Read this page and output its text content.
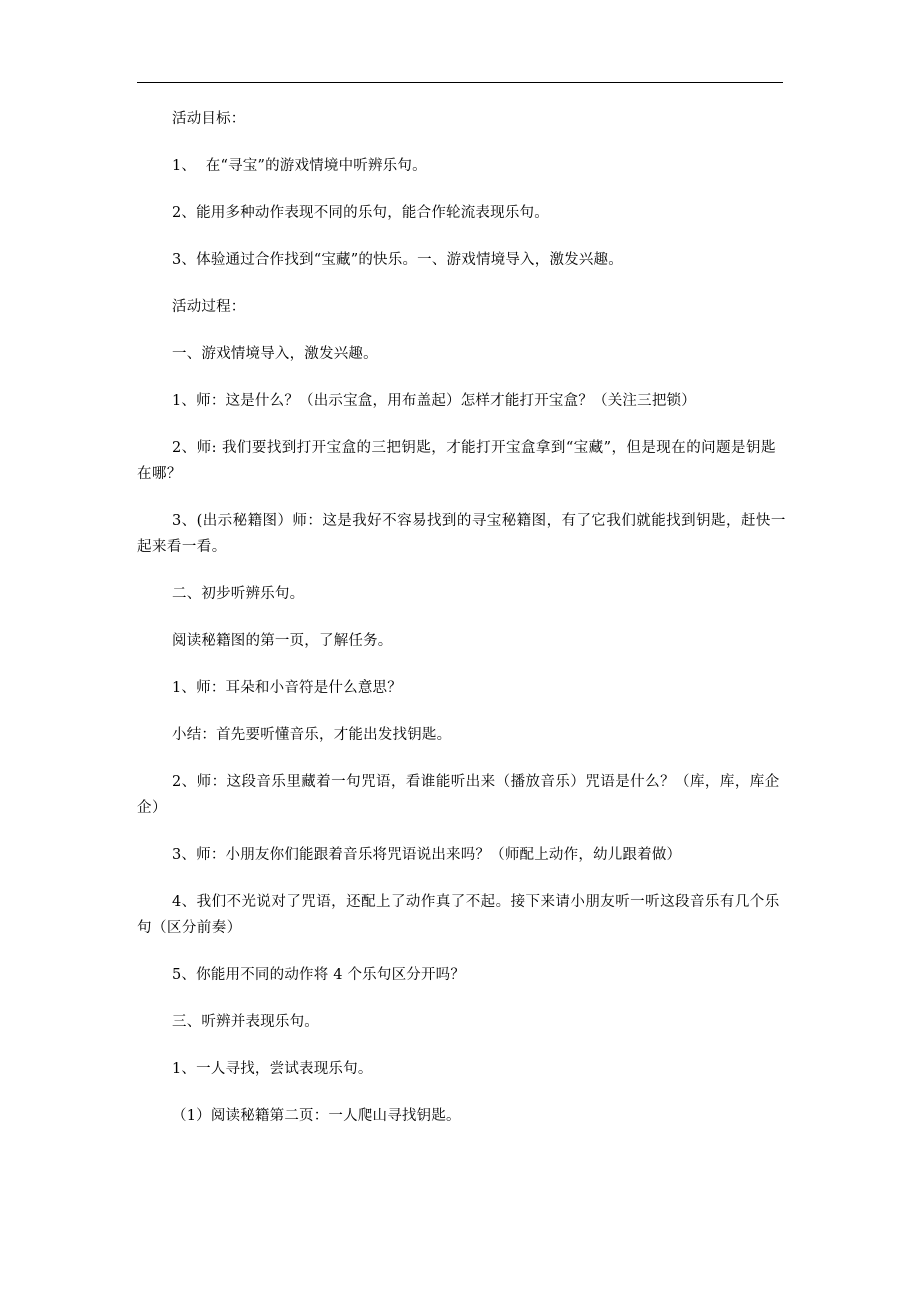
活动目标：

1、  在“寻宝”的游戏情境中听辨乐句。

2、能用多种动作表现不同的乐句，能合作轮流表现乐句。

3、体验通过合作找到“宝藏”的快乐。一、游戏情境导入，激发兴趣。

活动过程：

一、游戏情境导入，激发兴趣。

1、师：这是什么？（出示宝盒，用布盖起）怎样才能打开宝盒？（关注三把锁）

2、师: 我们要找到打开宝盒的三把钥匙，才能打开宝盒拿到“宝藏”，但是现在的问题是钥匙在哪？

3、(出示秘籍图）师：这是我好不容易找到的寻宝秘籍图，有了它我们就能找到钥匙，赶快一起来看一看。

二、初步听辨乐句。

阅读秘籍图的第一页，了解任务。

1、师：耳朵和小音符是什么意思？

小结：首先要听懂音乐，才能出发找钥匙。

2、师：这段音乐里藏着一句咒语，看谁能听出来（播放音乐）咒语是什么？（库，库，库企企）

3、师：小朋友你们能跟着音乐将咒语说出来吗？（师配上动作，幼儿跟着做）

4、我们不光说对了咒语，还配上了动作真了不起。接下来请小朋友听一听这段音乐有几个乐句（区分前奏）

5、你能用不同的动作将 4 个乐句区分开吗？

三、听辨并表现乐句。

1、一人寻找，尝试表现乐句。

（1）阅读秘籍第二页：一人爬山寻找钥匙。
